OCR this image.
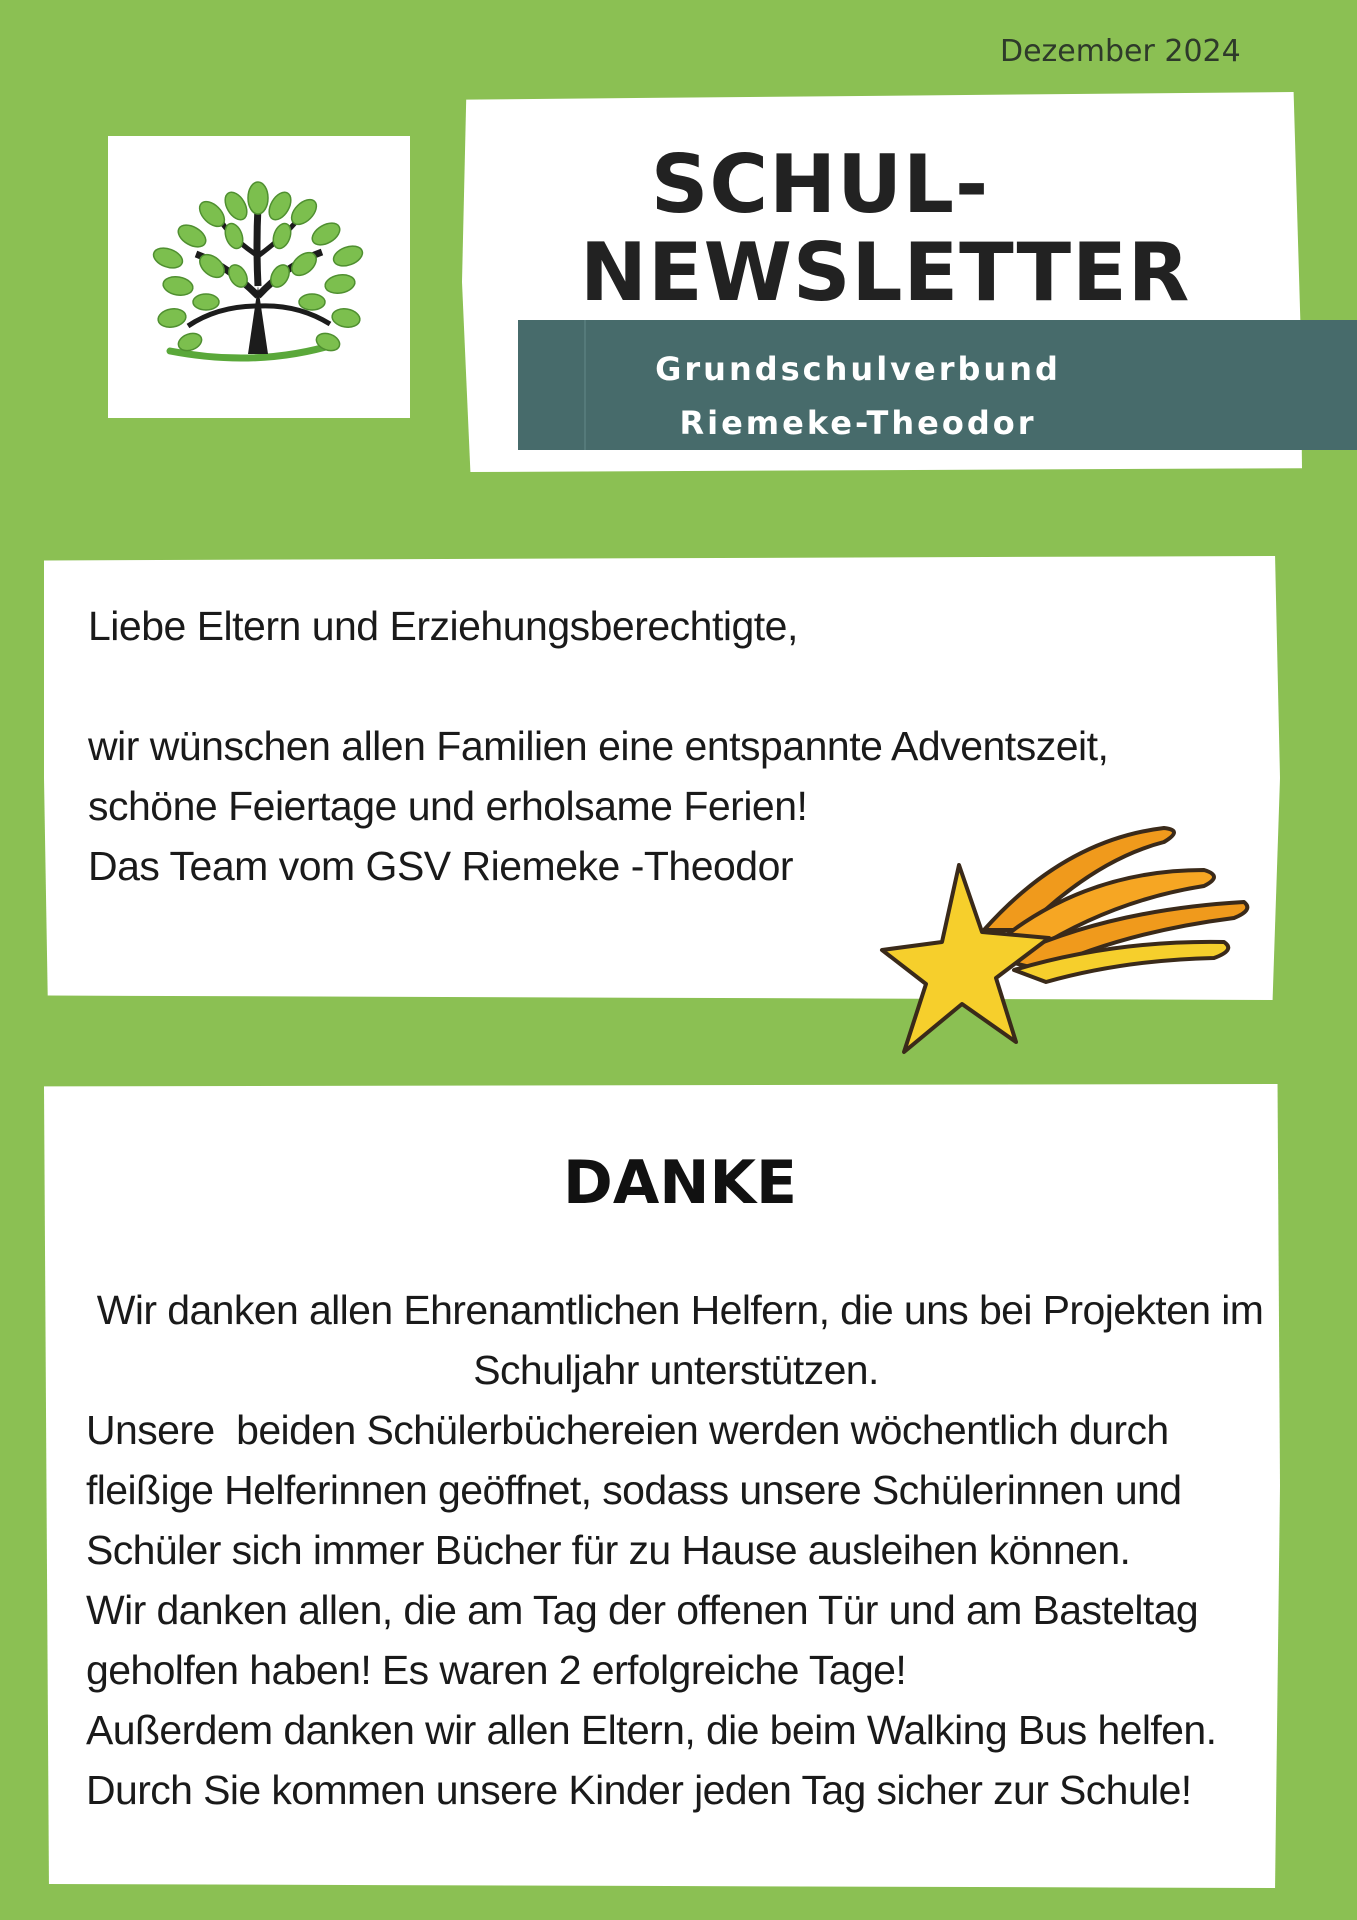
Dezember 2024
SCHUL-
NEWSLETTER
Grundschulverbund
Riemeke-Theodor

Liebe Eltern und Erziehungsberechtigte,

wir wünschen allen Familien eine entspannte Adventszeit,

schöne Feiertage und erholsame Ferien!

Das Team vom GSV Riemeke -Theodor

DANKE

Wir danken allen Ehrenamtlichen Helfern, die uns bei Projekten im

Schuljahr unterstützen.

Unsere  beiden Schülerbüchereien werden wöchentlich durch

fleißige Helferinnen geöffnet, sodass unsere Schülerinnen und

Schüler sich immer Bücher für zu Hause ausleihen können.

Wir danken allen, die am Tag der offenen Tür und am Basteltag

geholfen haben! Es waren 2 erfolgreiche Tage!

Außerdem danken wir allen Eltern, die beim Walking Bus helfen.

Durch Sie kommen unsere Kinder jeden Tag sicher zur Schule!
